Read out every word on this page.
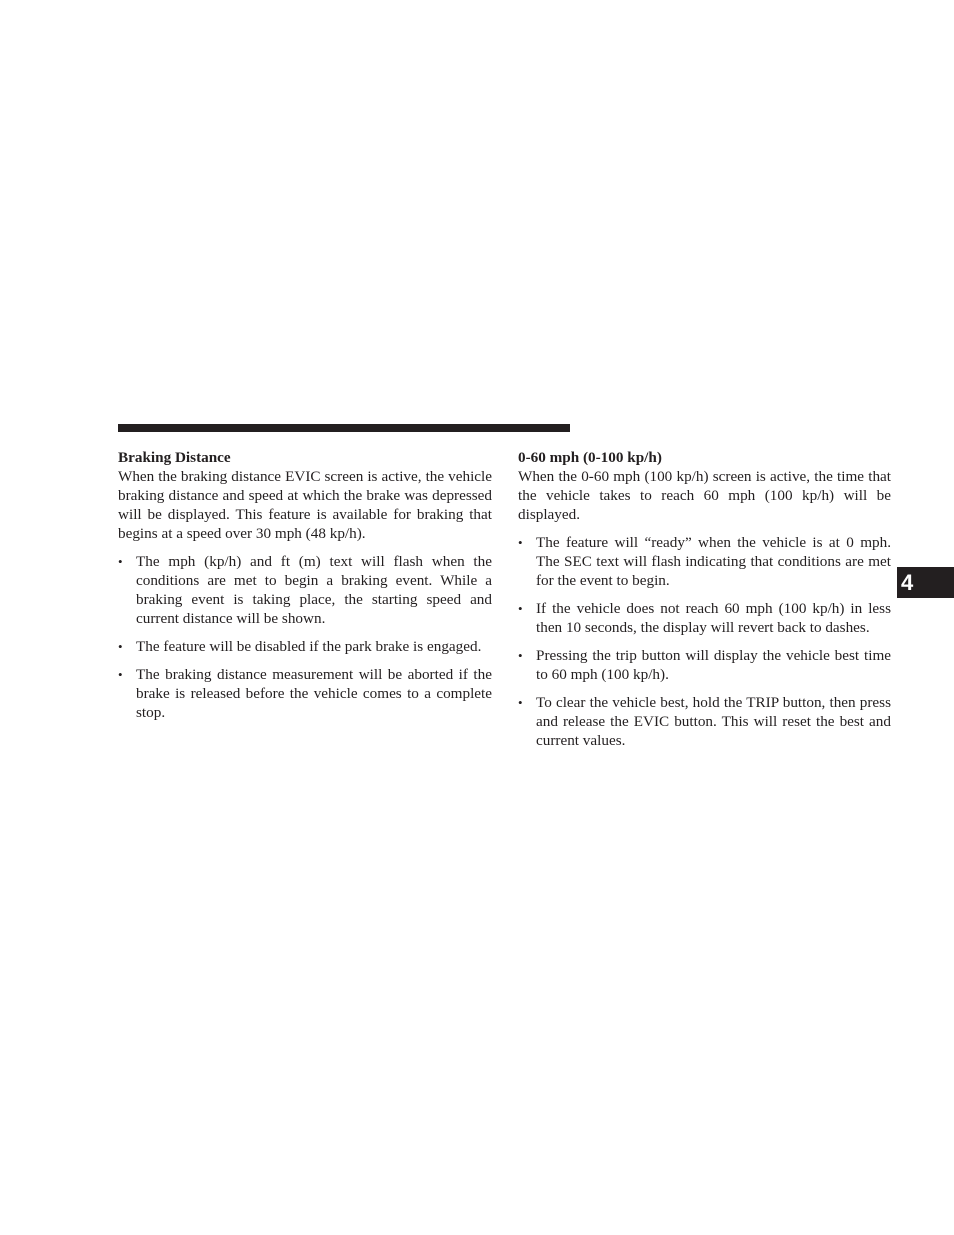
Braking Distance

When the braking distance EVIC screen is active, the vehicle braking distance and speed at which the brake was depressed will be displayed. This feature is available for braking that begins at a speed over 30 mph (48 kp/h).

• The mph (kp/h) and ft (m) text will flash when the conditions are met to begin a braking event. While a braking event is taking place, the starting speed and current distance will be shown.
• The feature will be disabled if the park brake is engaged.
• The braking distance measurement will be aborted if the brake is released before the vehicle comes to a complete stop.

0-60 mph (0-100 kp/h)

When the 0-60 mph (100 kp/h) screen is active, the time that the vehicle takes to reach 60 mph (100 kp/h) will be displayed.

• The feature will “ready” when the vehicle is at 0 mph. The SEC text will flash indicating that conditions are met for the event to begin.
• If the vehicle does not reach 60 mph (100 kp/h) in less then 10 seconds, the display will revert back to dashes.
• Pressing the trip button will display the vehicle best time to 60 mph (100 kp/h).
• To clear the vehicle best, hold the TRIP button, then press and release the EVIC button. This will reset the best and current values.
4
